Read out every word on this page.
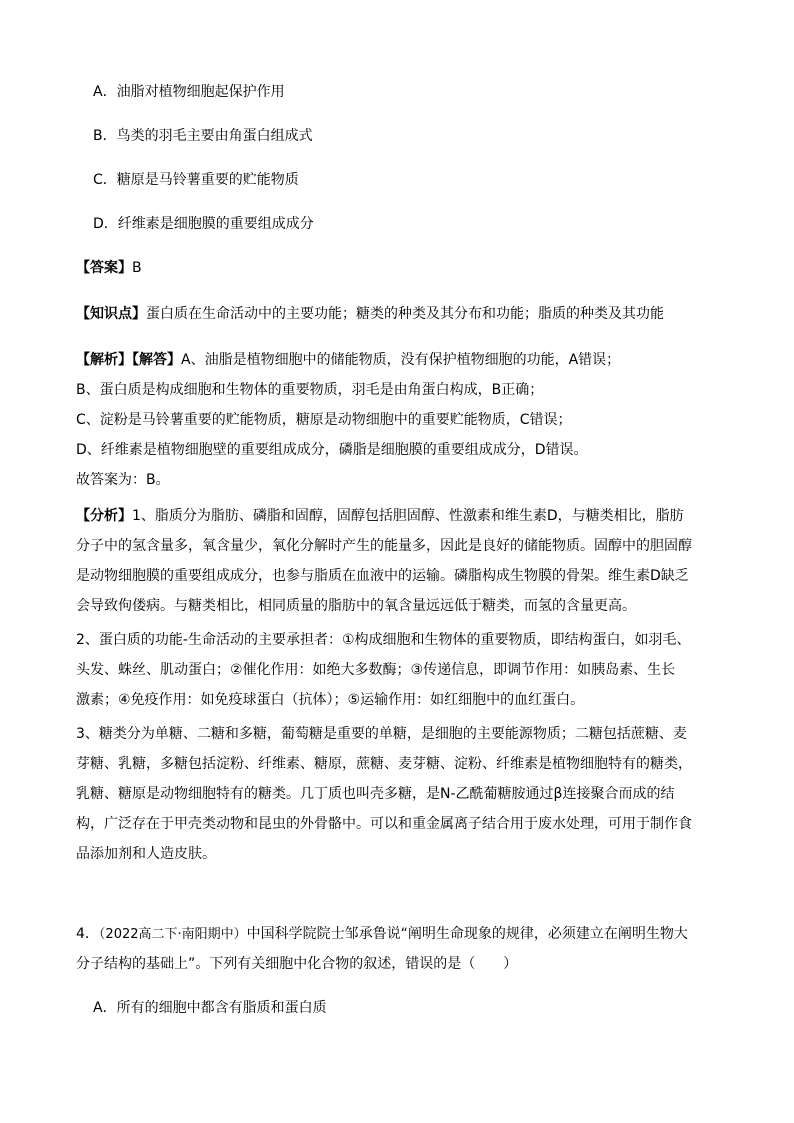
A．油脂对植物细胞起保护作用
B．鸟类的羽毛主要由角蛋白组成式
C．糖原是马铃薯重要的贮能物质
D．纤维素是细胞膜的重要组成成分
【答案】B
【知识点】蛋白质在生命活动中的主要功能；糖类的种类及其分布和功能；脂质的种类及其功能
【解析】【解答】A、油脂是植物细胞中的储能物质，没有保护植物细胞的功能，A错误；
B、蛋白质是构成细胞和生物体的重要物质，羽毛是由角蛋白构成，B正确；
C、淀粉是马铃薯重要的贮能物质，糖原是动物细胞中的重要贮能物质，C错误；
D、纤维素是植物细胞壁的重要组成成分，磷脂是细胞膜的重要组成成分，D错误。
故答案为：B。
【分析】1、脂质分为脂肪、磷脂和固醇，固醇包括胆固醇、性激素和维生素D，与糖类相比，脂肪
分子中的氢含量多，氧含量少，氧化分解时产生的能量多，因此是良好的储能物质。固醇中的胆固醇
是动物细胞膜的重要组成成分，也参与脂质在血液中的运输。磷脂构成生物膜的骨架。维生素D缺乏
会导致佝偻病。与糖类相比，相同质量的脂肪中的氧含量远远低于糖类，而氢的含量更高。
2、蛋白质的功能-生命活动的主要承担者：①构成细胞和生物体的重要物质，即结构蛋白，如羽毛、
头发、蛛丝、肌动蛋白；②催化作用：如绝大多数酶；③传递信息，即调节作用：如胰岛素、生长
激素；④免疫作用：如免疫球蛋白（抗体）；⑤运输作用：如红细胞中的血红蛋白。
3、糖类分为单糖、二糖和多糖，葡萄糖是重要的单糖，是细胞的主要能源物质；二糖包括蔗糖、麦
芽糖、乳糖，多糖包括淀粉、纤维素、糖原，蔗糖、麦芽糖、淀粉、纤维素是植物细胞特有的糖类，
乳糖、糖原是动物细胞特有的糖类。几丁质也叫壳多糖，是N-乙酰葡糖胺通过β连接聚合而成的结
构，广泛存在于甲壳类动物和昆虫的外骨骼中。可以和重金属离子结合用于废水处理，可用于制作食
品添加剂和人造皮肤。
4．（2022高二下·南阳期中）中国科学院院士邹承鲁说“阐明生命现象的规律，必须建立在阐明生物大
分子结构的基础上”。下列有关细胞中化合物的叙述，错误的是（　　）
A．所有的细胞中都含有脂质和蛋白质
